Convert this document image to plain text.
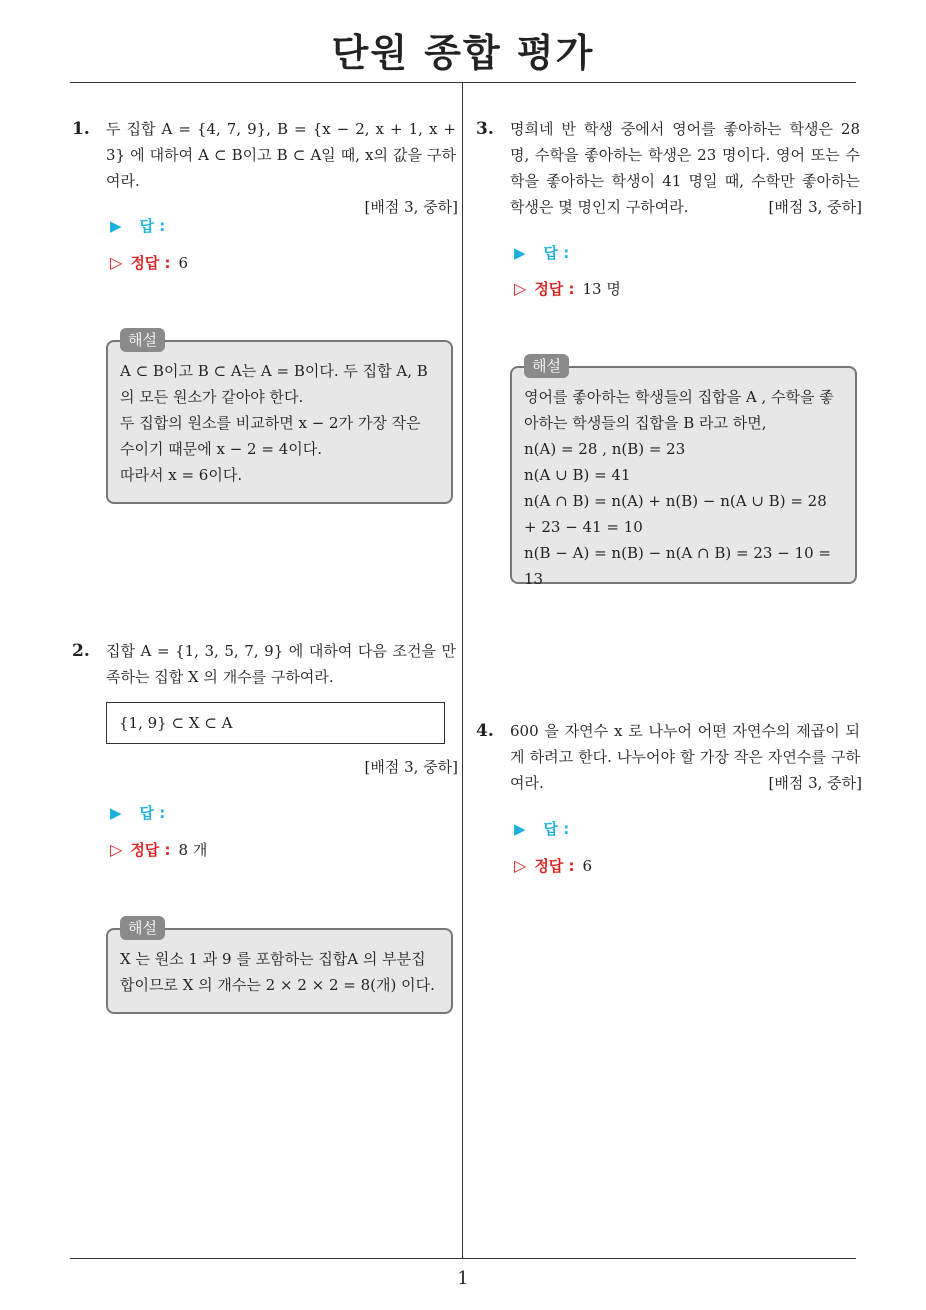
단원 종합 평가
1. 두 집합 A = {4, 7, 9}, B = {x − 2, x + 1, x + 3} 에 대하여 A ⊂ B이고 B ⊂ A일 때, x의 값을 구하여라.
[배점 3, 중하]
▶ 답 :
▷ 정답 : 6
해설
A ⊂ B이고 B ⊂ A는 A = B이다. 두 집합 A, B 의 모든 원소가 같아야 한다.
두 집합의 원소를 비교하면 x − 2가 가장 작은 수이기 때문에 x − 2 = 4이다.
따라서 x = 6이다.
2. 집합 A = {1, 3, 5, 7, 9} 에 대하여 다음 조건을 만족하는 집합 X 의 개수를 구하여라.
{1, 9} ⊂ X ⊂ A
[배점 3, 중하]
▶ 답 :
▷ 정답 : 8 개
해설
X 는 원소 1 과 9 를 포함하는 집합A 의 부분집합이므로 X 의 개수는 2 × 2 × 2 = 8(개) 이다.
3. 명희네 반 학생 중에서 영어를 좋아하는 학생은 28 명, 수학을 좋아하는 학생은 23 명이다. 영어 또는 수학을 좋아하는 학생이 41 명일 때, 수학만 좋아하는 학생은 몇 명인지 구하여라.	[배점 3, 중하]
▶ 답 :
▷ 정답 : 13 명
해설
영어를 좋아하는 학생들의 집합을 A , 수학을 좋아하는 학생들의 집합을 B 라고 하면,
n(A) = 28 , n(B) = 23
n(A ∪ B) = 41
n(A ∩ B) = n(A) + n(B) − n(A ∪ B) = 28 + 23 − 41 = 10
n(B − A) = n(B) − n(A ∩ B) = 23 − 10 = 13
4. 600 을 자연수 x 로 나누어 어떤 자연수의 제곱이 되게 하려고 한다. 나누어야 할 가장 작은 자연수를 구하여라.	[배점 3, 중하]
▶ 답 :
▷ 정답 : 6
1
